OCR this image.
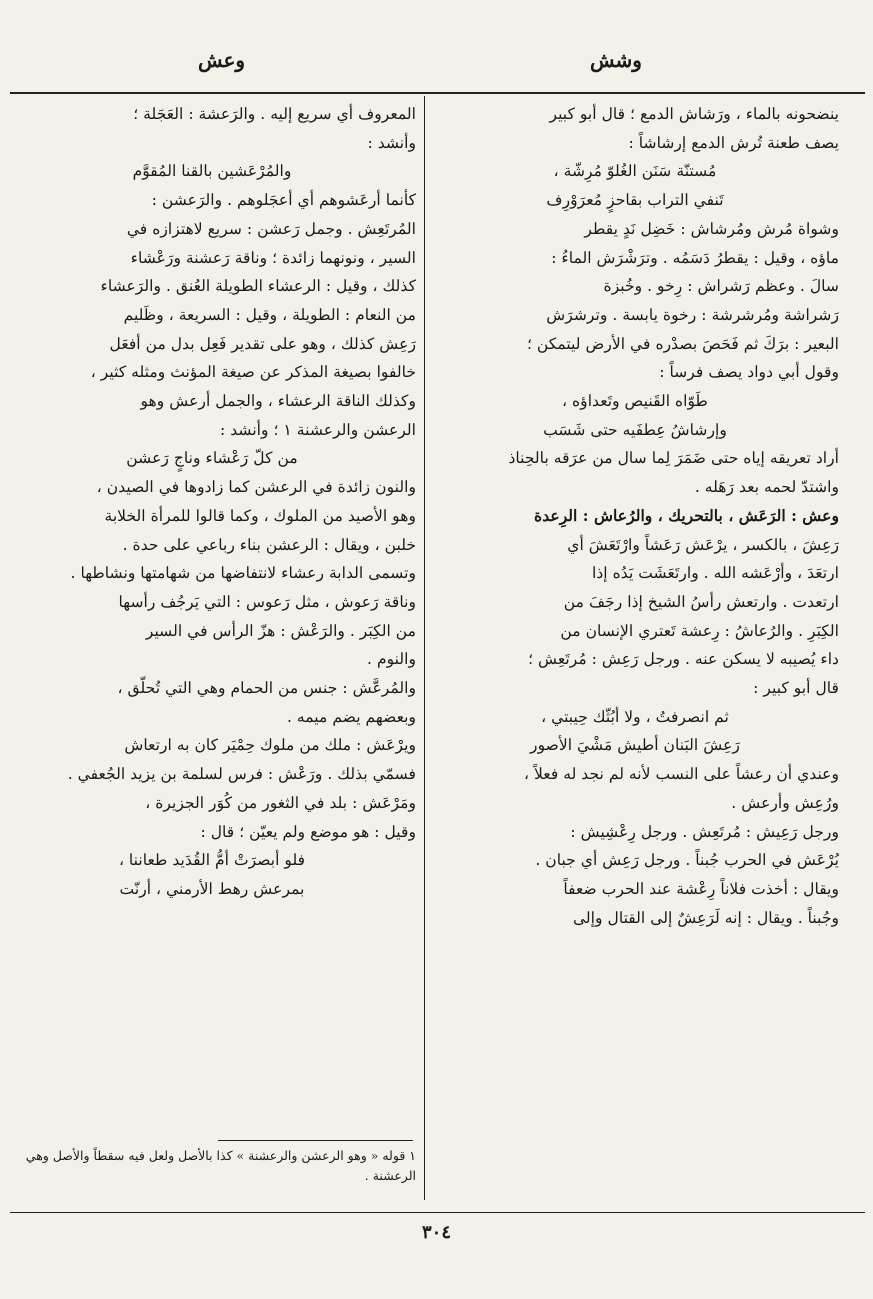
وشش
وعش

ينضحونه بالماء ، ورَشاش الدمع ؛ قال أبو كبير

يصف طعنة تُرش الدمع إرشاشاً :

مُستنّة سَنَن الغُلوّ مُرِشّة ،

تَنفي التراب بقاحزٍ مُعرَوْرِف

وشواة مُرش ومُرشاش : خَضِل نَدٍ يقطر

ماؤه ، وقيل : يقطرُ دَسَمُه . وترَشْرَش الماءُ :

سالَ . وعظم رَشراش : رِخو . وخُبزة

رَشراشة ومُرشرشة : رخوة يابسة . وترشرَش

البعير : برَكَ ثم فَحَصَ بصدْره في الأرض ليتمكن ؛

وقول أبي دواد يصف فرساً :

طَوّاه القَنيص وتَعداؤه ،

وإرشاشُ عِطفَيه حتى شَسَب

أراد تعريقه إياه حتى ضَمَرَ لِما سال من عرَقه بالحِناذ

واشتدّ لحمه بعد رَهَله .

وعش : الرَعَش ، بالتحريك ، والرُعاش : الرِعدة

رَعِشَ ، بالكسر ، يرْعَش رَعَشاً وارْتَعَشَ أي

ارتعَدَ ، وأرْعَشه الله . وارتَعَشَت يَدُه إذا

ارتعدت . وارتعش رأسُ الشيخ إذا رجَفَ من

الكِبَرِ . والرُعاشُ : رِعشة تَعتري الإنسان من

داء يُصيبه لا يسكن عنه . ورجل رَعِش : مُرتَعِش ؛

قال أبو كبير :

ثم انصرفتُ ، ولا أبُثّك حِيبتي ،

رَعِشَ البَنان أطيش مَشْيَ الأصور

وعندي أن رعشاً على النسب لأنه لم نجد له فعلاً ،

ورُعِش وأرعش .

ورجل رَعِيش : مُرتَعِش . ورجل رِعْشِيش :

يُرْعَش في الحرب جُبناً . ورجل رَعِش أي جبان .

ويقال : أخذت فلاناً رِعْشة عند الحرب ضعفاً

وجُبناً . ويقال : إنه لَرَعِشٌ إلى القتال وإلى

المعروف أي سريع إليه . والرَعشة : العَجَلة ؛

وأنشد :

والمُرْعَشين بالقنا المُقوَّم

كأنما أرعَشوهم أي أعجَلوهم . والرَعشن :

المُرتَعِش . وجمل رَعشن : سريع لاهتزازه في

السير ، ونونهما زائدة ؛ وناقة رَعشنة ورَعْشاء

كذلك ، وقيل : الرعشاء الطويلة العُنق . والرَعشاء

من النعام : الطويلة ، وقيل : السريعة ، وظَليم

رَعِش كذلك ، وهو على تقدير فَعِل بدل من أفعَل

خالفوا بصيغة المذكر عن صيغة المؤنث ومثله كثير ،

وكذلك الناقة الرعشاء ، والجمل أرعش وهو

الرعشن والرعشنة ١ ؛ وأنشد :

من كلّ رَعْشاء وناجٍ رَعشن

والنون زائدة في الرعشن كما زادوها في الصيدن ،

وهو الأصيد من الملوك ، وكما قالوا للمرأة الخلابة

خلبن ، ويقال : الرعشن بناء رباعي على حدة .

وتسمى الدابة رعشاء لانتفاضها من شهامتها ونشاطها .

وناقة رَعوش ، مثل رَعوس : التي يَرجُف رأسها

من الكِبَر . والرَعْش : هزّ الرأس في السير

والنوم .

والمُرعَّش : جنس من الحمام وهي التي تُحلّق ،

وبعضهم يضم ميمه .

ويرْعَش : ملك من ملوك حِمْيَر كان به ارتعاش

فسمّي بذلك . ورَعْش : فرس لسلمة بن يزيد الجُعفي .

ومَرْعَش : بلد في الثغور من كُوَر الجزيرة ،

وقيل : هو موضع ولم يعيّن ؛ قال :

فلو أبصرَتْ أمُّ القُدَيد طعاننا ،

بمرعش رهط الأرمني ، أرنّت

١ قوله « وهو الرعشن والرعشنة » كذا بالأصل ولعل فيه سقطاً والأصل وهي الرعشنة .
٣٠٤
